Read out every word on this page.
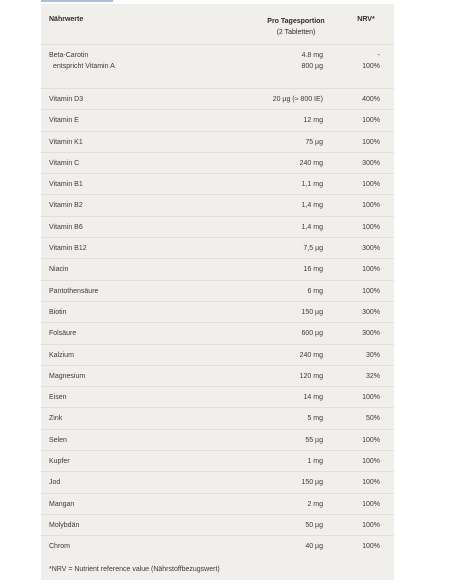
Nährwerte	Pro Tagesportion
(2 Tabletten)
NRV*
Beta-Carotin	4.8 mg	-
entspricht Vitamin A	800 µg	100%
Vitamin D3	20 µg (≈ 800 IE)	400%
Vitamin E	12 mg	100%
Vitamin K1	75 µg	100%
Vitamin C	240 mg	300%
Vitamin B1	1,1 mg	100%
Vitamin B2	1,4 mg	100%
Vitamin B6	1,4 mg	100%
Vitamin B12	7,5 µg	300%
Niacin	16 mg	100%
Pantothensäure	6 mg	100%
Biotin	150 µg	300%
Folsäure	600 µg	300%
Kalzium	240 mg	30%
Magnesium	120 mg	32%
Eisen	14 mg	100%
Zink	5 mg	50%
Selen	55 µg	100%
Kupfer	1 mg	100%
Jod	150 µg	100%
Mangan	2 mg	100%
Molybdän	50 µg	100%
Chrom	40 µg	100%
*NRV = Nutrient reference value (Nährstoffbezugswert)
